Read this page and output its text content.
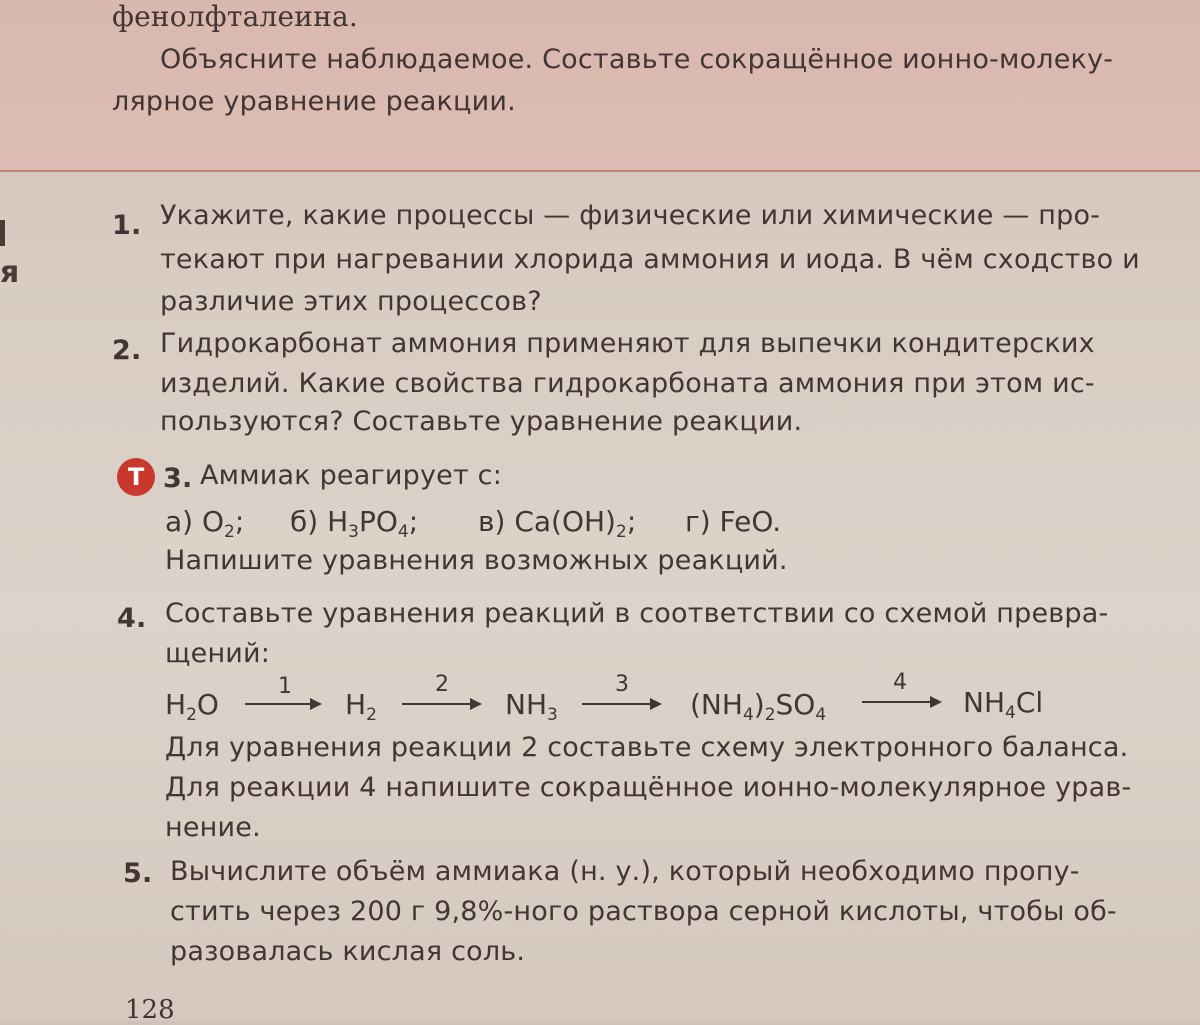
фенолфталеина.
Объясните наблюдаемое. Составьте сокращённое ионно-молеку-
лярное уравнение реакции.
я
1. Укажите, какие процессы — физические или химические — про-
текают при нагревании хлорида аммония и иода. В чём сходство и
различие этих процессов?
2. Гидрокарбонат аммония применяют для выпечки кондитерских
изделий. Какие свойства гидрокарбоната аммония при этом ис-
пользуются? Составьте уравнение реакции.
Т 3. Аммиак реагирует с:
а) $O_2$; б) $H_3PO_4$; в) $Ca(OH)_2$; г) FeO.
Напишите уравнения возможных реакций.
4. Составьте уравнения реакций в соответствии со схемой превра-
щений:
$H_2O$
1
$H_2$
2
$NH_3$
3
$(NH_4)_2SO_4$
4
$NH_4Cl$
Для уравнения реакции 2 составьте схему электронного баланса.
Для реакции 4 напишите сокращённое ионно-молекулярное урав-
нение.
5. Вычислите объём аммиака (н. у.), который необходимо пропу-
стить через 200 г 9,8%-ного раствора серной кислоты, чтобы об-
разовалась кислая соль.
128
